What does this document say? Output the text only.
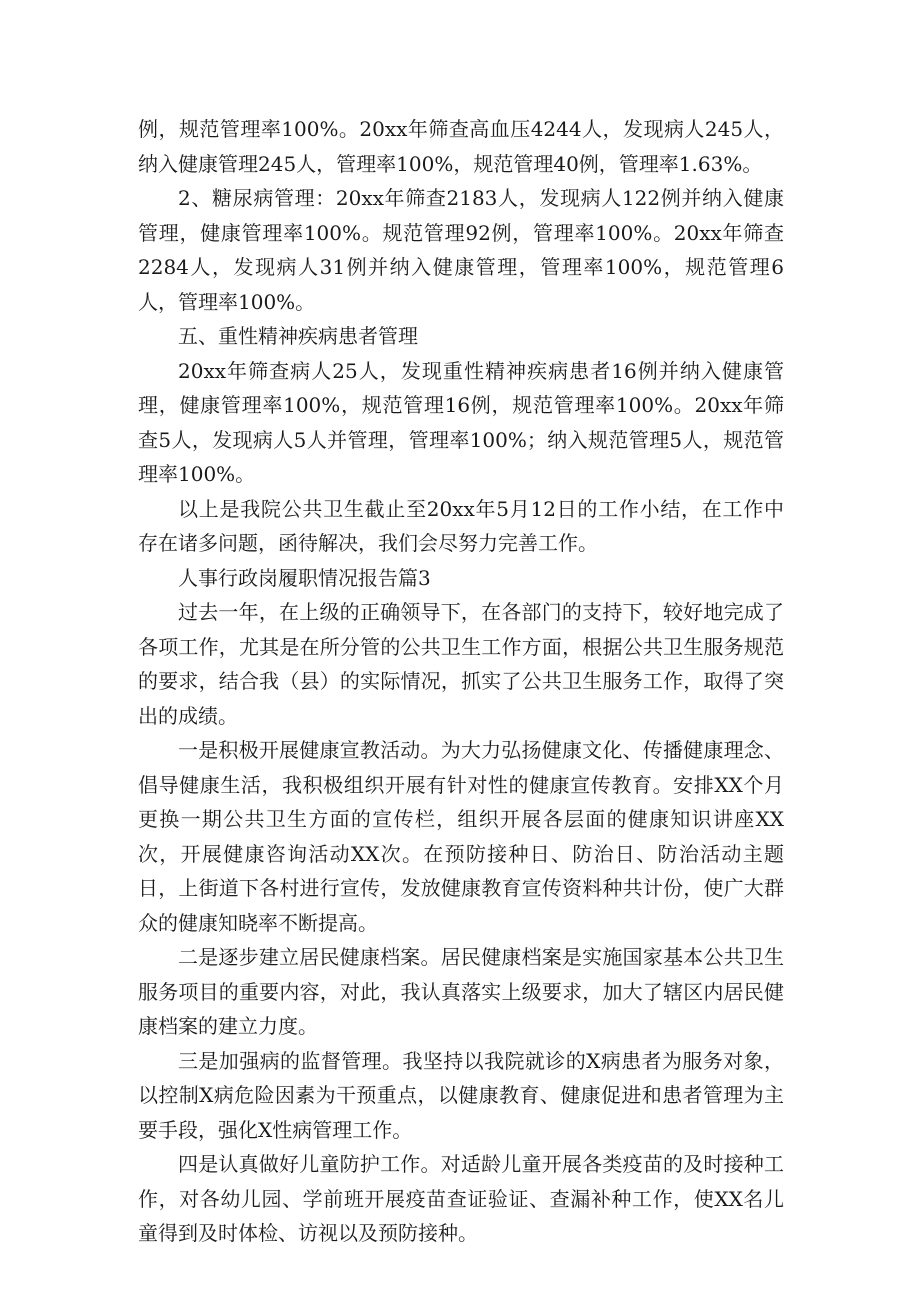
例，规范管理率100%。20xx年筛查高血压4244人，发现病人245人，纳入健康管理245人，管理率100%，规范管理40例，管理率1.63%。

2、糖尿病管理：20xx年筛查2183人，发现病人122例并纳入健康管理，健康管理率100%。规范管理92例，管理率100%。20xx年筛查2284人，发现病人31例并纳入健康管理，管理率100%，规范管理6人，管理率100%。

五、重性精神疾病患者管理

20xx年筛查病人25人，发现重性精神疾病患者16例并纳入健康管理，健康管理率100%，规范管理16例，规范管理率100%。20xx年筛查5人，发现病人5人并管理，管理率100%；纳入规范管理5人，规范管理率100%。

以上是我院公共卫生截止至20xx年5月12日的工作小结，在工作中存在诸多问题，函待解决，我们会尽努力完善工作。

人事行政岗履职情况报告篇3

过去一年，在上级的正确领导下，在各部门的支持下，较好地完成了各项工作，尤其是在所分管的公共卫生工作方面，根据公共卫生服务规范的要求，结合我（县）的实际情况，抓实了公共卫生服务工作，取得了突出的成绩。

一是积极开展健康宣教活动。为大力弘扬健康文化、传播健康理念、倡导健康生活，我积极组织开展有针对性的健康宣传教育。安排XX个月更换一期公共卫生方面的宣传栏，组织开展各层面的健康知识讲座XX次，开展健康咨询活动XX次。在预防接种日、防治日、防治活动主题日，上街道下各村进行宣传，发放健康教育宣传资料种共计份，使广大群众的健康知晓率不断提高。

二是逐步建立居民健康档案。居民健康档案是实施国家基本公共卫生服务项目的重要内容，对此，我认真落实上级要求，加大了辖区内居民健康档案的建立力度。

三是加强病的监督管理。我坚持以我院就诊的X病患者为服务对象，以控制X病危险因素为干预重点，以健康教育、健康促进和患者管理为主要手段，强化X性病管理工作。

四是认真做好儿童防护工作。对适龄儿童开展各类疫苗的及时接种工作，对各幼儿园、学前班开展疫苗查证验证、查漏补种工作，使XX名儿童得到及时体检、访视以及预防接种。
